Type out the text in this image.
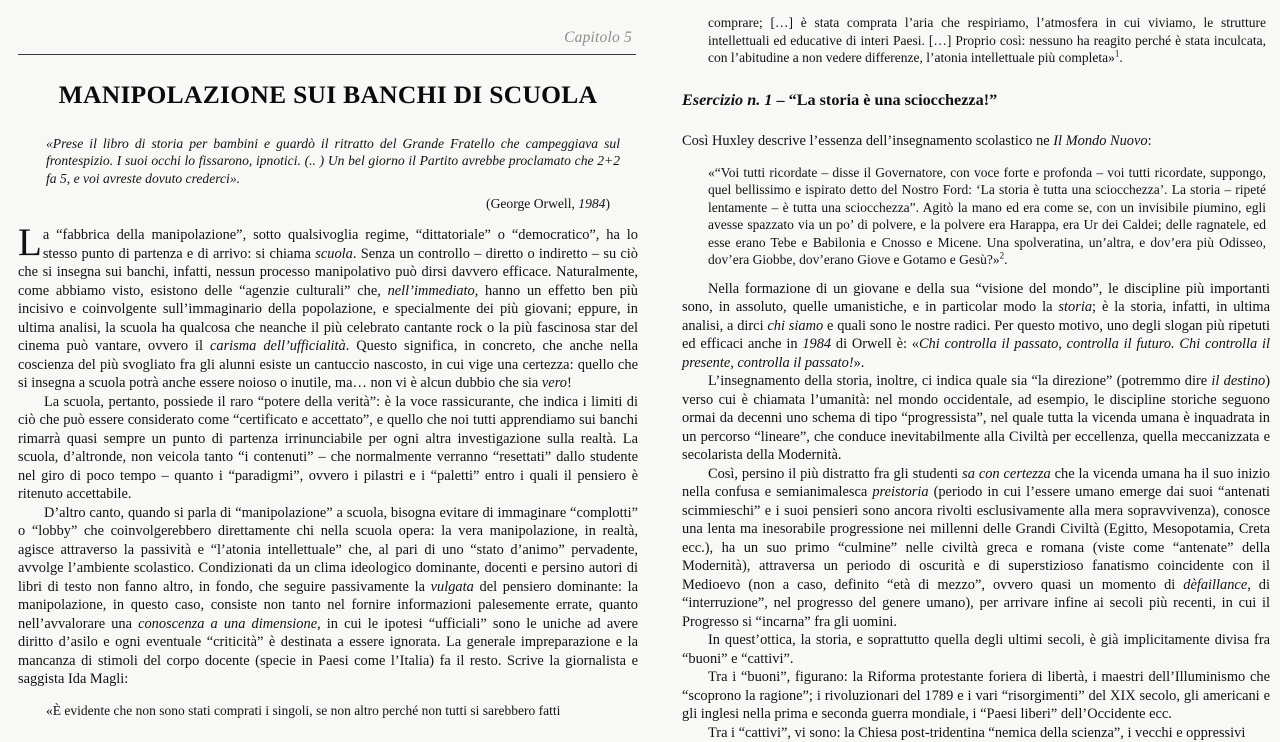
Capitolo 5
MANIPOLAZIONE SUI BANCHI DI SCUOLA
«Prese il libro di storia per bambini e guardò il ritratto del Grande Fratello che campeggiava sul frontespizio. I suoi occhi lo fissarono, ipnotici. (.. ) Un bel giorno il Partito avrebbe proclamato che 2+2 fa 5, e voi avreste dovuto crederci».
(George Orwell, 1984)

La “fabbrica della manipolazione”, sotto qualsivoglia regime, “dittatoriale” o “democratico”, ha lo stesso punto di partenza e di arrivo: si chiama scuola. Senza un controllo – diretto o indiretto – su ciò che si insegna sui banchi, infatti, nessun processo manipolativo può dirsi davvero efficace. Naturalmente, come abbiamo visto, esistono delle “agenzie culturali” che, nell’immediato, hanno un effetto ben più incisivo e coinvolgente sull’immaginario della popolazione, e specialmente dei più giovani; eppure, in ultima analisi, la scuola ha qualcosa che neanche il più celebrato cantante rock o la più fascinosa star del cinema può vantare, ovvero il carisma dell’ufficialità. Questo significa, in concreto, che anche nella coscienza del più svogliato fra gli alunni esiste un cantuccio nascosto, in cui vige una certezza: quello che si insegna a scuola potrà anche essere noioso o inutile, ma… non vi è alcun dubbio che sia vero!

La scuola, pertanto, possiede il raro “potere della verità”: è la voce rassicurante, che indica i limiti di ciò che può essere considerato come “certificato e accettato”, e quello che noi tutti apprendiamo sui banchi rimarrà quasi sempre un punto di partenza irrinunciabile per ogni altra investigazione sulla realtà. La scuola, d’altronde, non veicola tanto “i contenuti” – che normalmente verranno “resettati” dallo studente nel giro di poco tempo – quanto i “paradigmi”, ovvero i pilastri e i “paletti” entro i quali il pensiero è ritenuto accettabile.

D’altro canto, quando si parla di “manipolazione” a scuola, bisogna evitare di immaginare “complotti” o “lobby” che coinvolgerebbero direttamente chi nella scuola opera: la vera manipolazione, in realtà, agisce attraverso la passività e “l’atonia intellettuale” che, al pari di uno “stato d’animo” pervadente, avvolge l’ambiente scolastico. Condizionati da un clima ideologico dominante, docenti e persino autori di libri di testo non fanno altro, in fondo, che seguire passivamente la vulgata del pensiero dominante: la manipolazione, in questo caso, consiste non tanto nel fornire informazioni palesemente errate, quanto nell’avvalorare una conoscenza a una dimensione, in cui le ipotesi “ufficiali” sono le uniche ad avere diritto d’asilo e ogni eventuale “criticità” è destinata a essere ignorata. La generale impreparazione e la mancanza di stimoli del corpo docente (specie in Paesi come l’Italia) fa il resto. Scrive la giornalista e saggista Ida Magli:

«È evidente che non sono stati comprati i singoli, se non altro perché non tutti si sarebbero fatti
comprare; […] è stata comprata l’aria che respiriamo, l’atmosfera in cui viviamo, le strutture intellettuali ed educative di interi Paesi. […] Proprio così: nessuno ha reagito perché è stata inculcata, con l’abitudine a non vedere differenze, l’atonia intellettuale più completa»$^1$.
Esercizio n. 1 – “La storia è una sciocchezza!”

Così Huxley descrive l’essenza dell’insegnamento scolastico ne Il Mondo Nuovo:

«“Voi tutti ricordate – disse il Governatore, con voce forte e profonda – voi tutti ricordate, suppongo, quel bellissimo e ispirato detto del Nostro Ford: ‘La storia è tutta una sciocchezza’. La storia – ripeté lentamente – è tutta una sciocchezza”. Agitò la mano ed era come se, con un invisibile piumino, egli avesse spazzato via un po’ di polvere, e la polvere era Harappa, era Ur dei Caldei; delle ragnatele, ed esse erano Tebe e Babilonia e Cnosso e Micene. Una spolveratina, un’altra, e dov’era più Odisseo, dov’era Giobbe, dov’erano Giove e Gotamo e Gesù?»$^2$.

Nella formazione di un giovane e della sua “visione del mondo”, le discipline più importanti sono, in assoluto, quelle umanistiche, e in particolar modo la storia; è la storia, infatti, in ultima analisi, a dirci chi siamo e quali sono le nostre radici. Per questo motivo, uno degli slogan più ripetuti ed efficaci anche in 1984 di Orwell è: «Chi controlla il passato, controlla il futuro. Chi controlla il presente, controlla il passato!».

L’insegnamento della storia, inoltre, ci indica quale sia “la direzione” (potremmo dire il destino) verso cui è chiamata l’umanità: nel mondo occidentale, ad esempio, le discipline storiche seguono ormai da decenni uno schema di tipo “progressista”, nel quale tutta la vicenda umana è inquadrata in un percorso “lineare”, che conduce inevitabilmente alla Civiltà per eccellenza, quella meccanizzata e secolarista della Modernità.

Così, persino il più distratto fra gli studenti sa con certezza che la vicenda umana ha il suo inizio nella confusa e semianimalesca preistoria (periodo in cui l’essere umano emerge dai suoi “antenati scimmieschi” e i suoi pensieri sono ancora rivolti esclusivamente alla mera sopravvivenza), conosce una lenta ma inesorabile progressione nei millenni delle Grandi Civiltà (Egitto, Mesopotamia, Creta ecc.), ha un suo primo “culmine” nelle civiltà greca e romana (viste come “antenate” della Modernità), attraversa un periodo di oscurità e di superstizioso fanatismo coincidente con il Medioevo (non a caso, definito “età di mezzo”, ovvero quasi un momento di dèfaillance, di “interruzione”, nel progresso del genere umano), per arrivare infine ai secoli più recenti, in cui il Progresso si “incarna” fra gli uomini.

In quest’ottica, la storia, e soprattutto quella degli ultimi secoli, è già implicitamente divisa fra “buoni” e “cattivi”.

Tra i “buoni”, figurano: la Riforma protestante foriera di libertà, i maestri dell’Illuminismo che “scoprono la ragione”; i rivoluzionari del 1789 e i vari “risorgimenti” del XIX secolo, gli americani e gli inglesi nella prima e seconda guerra mondiale, i “Paesi liberi” dell’Occidente ecc.

Tra i “cattivi”, vi sono: la Chiesa post-tridentina “nemica della scienza”, i vecchi e oppressivi
